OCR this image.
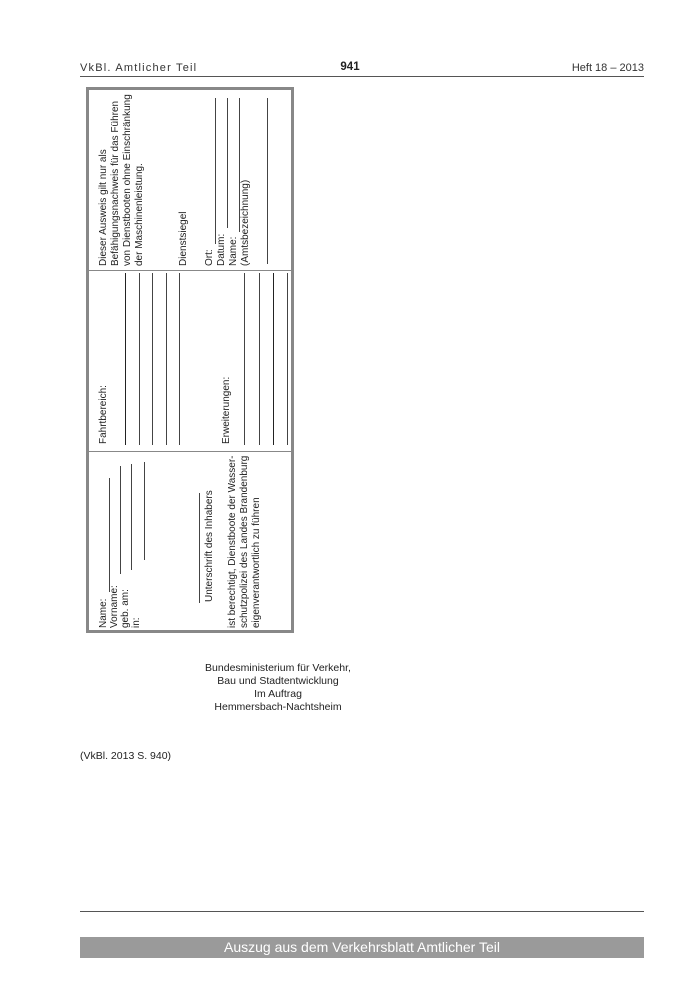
VkBl. Amtlicher Teil	941	Heft 18 – 2013
Name: Vorname: geb. am: in:
Unterschrift des Inhabers ist berechtigt, Dienstboote der Wasser- schutzpolizei des Landes Brandenburg eigenverantwortlich zu führen
Fahrtbereich:	Erweiterungen:
Dieser Ausweis gilt nur als Befähigungsnachweis für das Führen von Dienstbooten ohne Einschränkung der Maschinenleistung.	Dienstsiegel Ort: Datum: Name: (Amtsbezeichnung)
Bundesministerium für Verkehr,
Bau und Stadtentwicklung
Im Auftrag
Hemmersbach-Nachtsheim
(VkBl. 2013 S. 940)
Auszug aus dem Verkehrsblatt Amtlicher Teil
